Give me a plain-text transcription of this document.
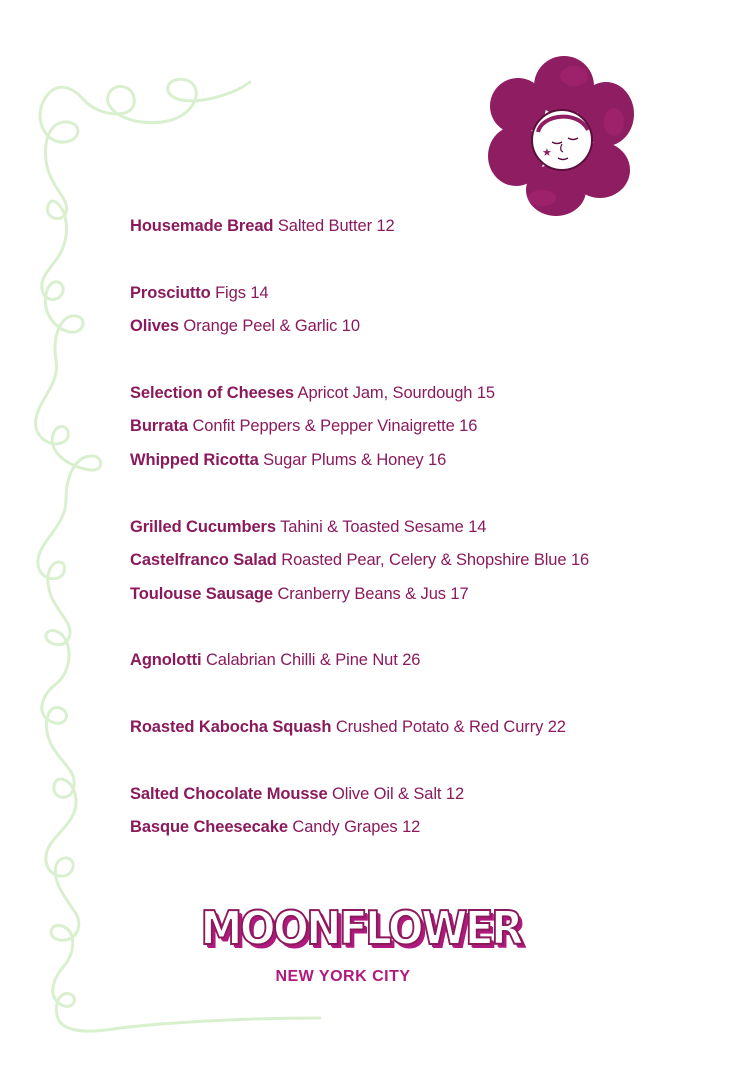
★
Housemade Bread Salted Butter 12
Prosciutto Figs 14
Olives Orange Peel & Garlic 10
Selection of Cheeses Apricot Jam, Sourdough 15
Burrata Confit Peppers & Pepper Vinaigrette 16
Whipped Ricotta Sugar Plums & Honey 16
Grilled Cucumbers Tahini & Toasted Sesame 14
Castelfranco Salad Roasted Pear, Celery & Shopshire Blue 16
Toulouse Sausage Cranberry Beans & Jus 17
Agnolotti Calabrian Chilli & Pine Nut 26
Roasted Kabocha Squash Crushed Potato & Red Curry 22
Salted Chocolate Mousse Olive Oil & Salt 12
Basque Cheesecake Candy Grapes 12
MOONFLOWER
NEW YORK CITY
